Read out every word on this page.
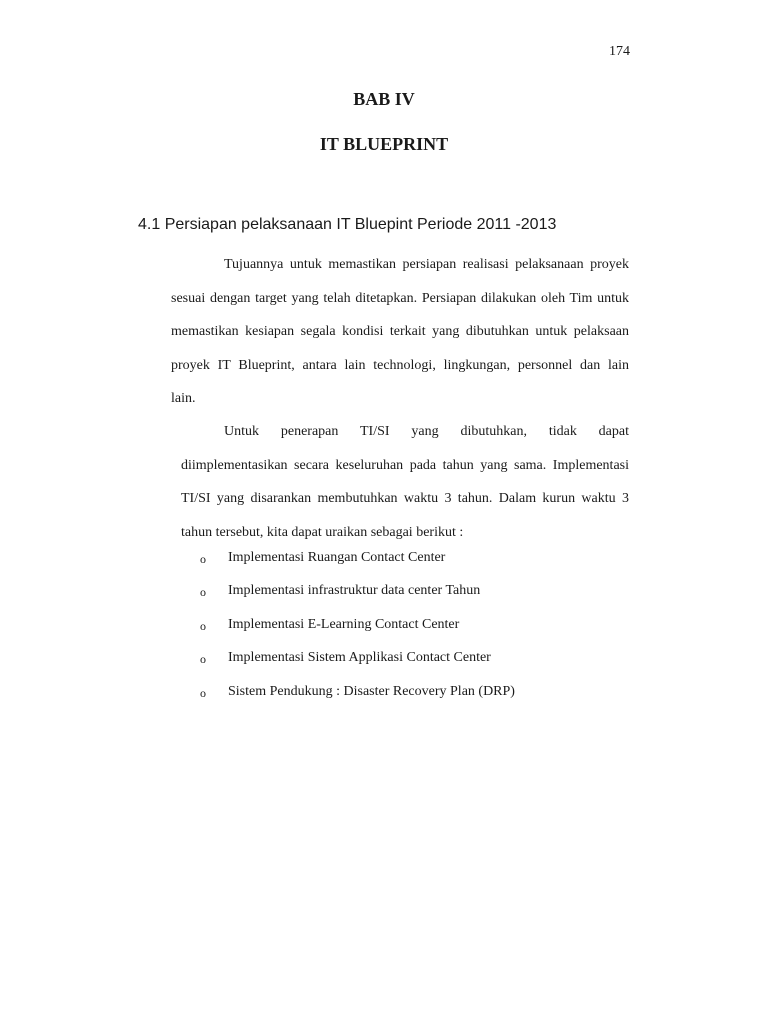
174
BAB IV
IT BLUEPRINT
4.1 Persiapan pelaksanaan IT Bluepint Periode 2011 -2013

Tujuannya untuk memastikan persiapan realisasi pelaksanaan proyek
sesuai dengan target yang telah ditetapkan. Persiapan dilakukan oleh Tim untuk
memastikan kesiapan segala kondisi terkait yang dibutuhkan untuk pelaksaan
proyek IT Blueprint, antara lain technologi, lingkungan, personnel dan lain
lain.

Untuk penerapan TI/SI yang dibutuhkan, tidak dapat
diimplementasikan secara keseluruhan pada tahun yang sama. Implementasi
TI/SI yang disarankan membutuhkan waktu 3 tahun. Dalam kurun waktu 3
tahun tersebut, kita dapat uraikan sebagai berikut :

o	Implementasi Ruangan Contact Center
o	Implementasi infrastruktur data center Tahun
o	Implementasi E-Learning Contact Center
o	Implementasi Sistem Applikasi Contact Center
o	Sistem Pendukung : Disaster Recovery Plan (DRP)
